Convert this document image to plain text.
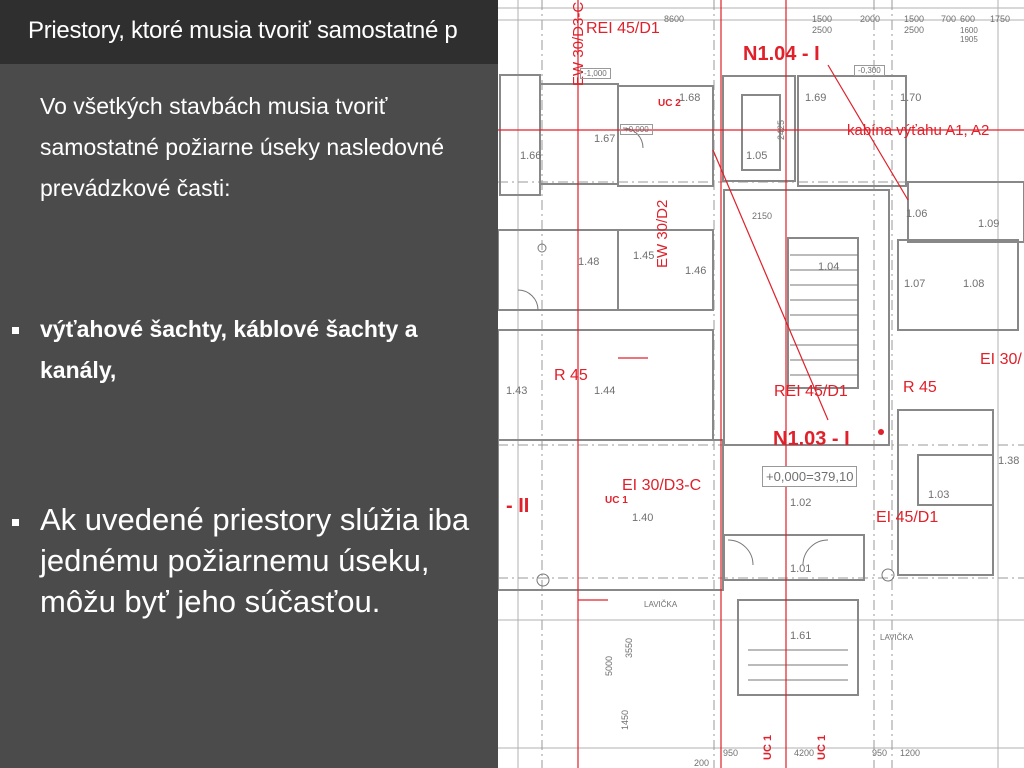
Priestory, ktoré musia tvoriť samostatné p
Vo všetkých stavbách musia tvoriť samostatné požiarne úseky nasledovné prevádzkové časti:
výťahové šachty, káblové šachty a kanály,
Ak uvedené priestory slúžia iba jednému požiarnemu úseku, môžu byť jeho súčasťou.
N1.04 - I
REI 45/D1
kabína výťahu A1, A2
EW 30/D3-C
EW 30/D2
R 45
REI 45/D1	R 45
EI 30/
N1.03 - I
EI 30/D3-C
EI 45/D1
- II	UC 1
UC 2
UC 1	UC 1
+0,000=379,10
8600	1500	2000	1500 700 600 1750
2500	2500	1600
1905
950	4200	950 1200
200
3550
5000
1450
2150
2425
1.68	1.69	1.70
1.67
1.66	1.05
1.06
1.09
1.48	1.45
1.46	1.04
1.07	1.08
1.43	1.44
1.38
1.03
1.02
1.40
1.01
1.61
LAVIČKA
LAVIČKA
-1,000
+0,000
-0,300
